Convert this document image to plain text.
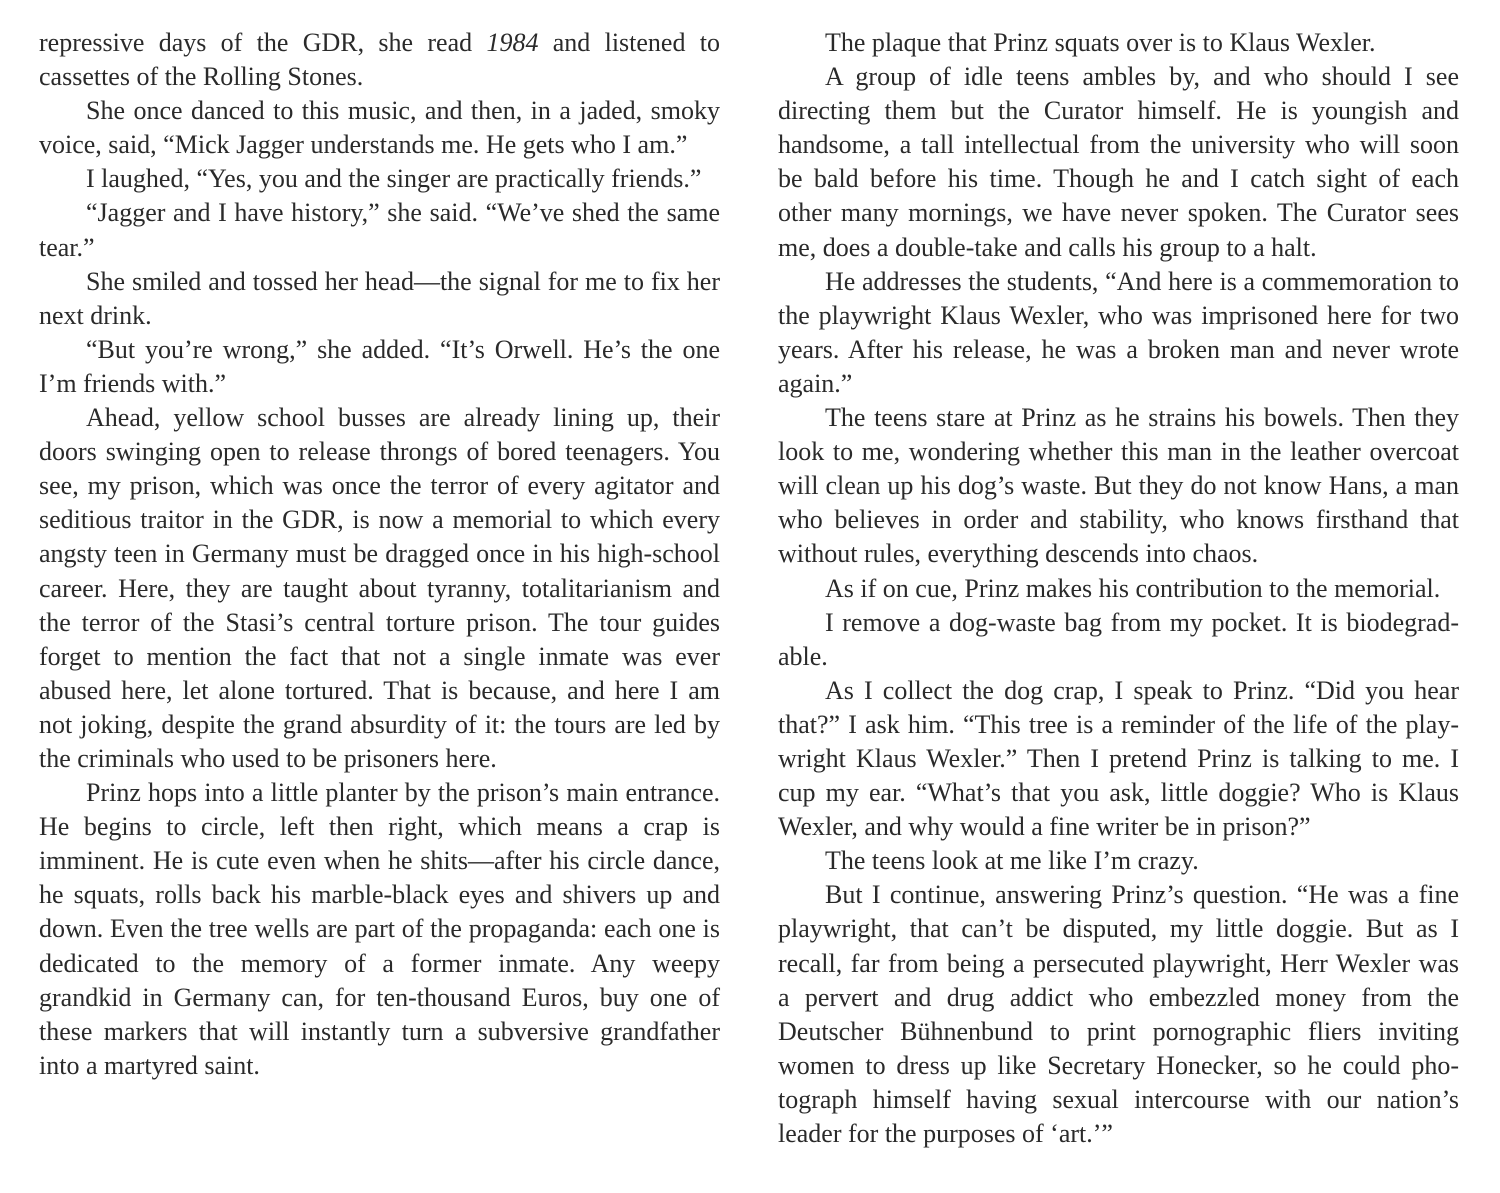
repressive days of the GDR, she read 1984 and listened to cassettes of the Rolling Stones.

She once danced to this music, and then, in a jaded, smoky voice, said, “Mick Jagger understands me. He gets who I am.”

I laughed, “Yes, you and the singer are practically friends.”

“Jagger and I have history,” she said. “We’ve shed the same tear.”

She smiled and tossed her head—the signal for me to fix her next drink.

“But you’re wrong,” she added. “It’s Orwell. He’s the one I’m friends with.”

Ahead, yellow school busses are already lining up, their doors swinging open to release throngs of bored teenagers. You see, my prison, which was once the terror of every agitator and seditious traitor in the GDR, is now a memorial to which every angsty teen in Germany must be dragged once in his high-school career. Here, they are taught about tyranny, totalitarianism and the terror of the Stasi’s central torture prison. The tour guides forget to mention the fact that not a single inmate was ever abused here, let alone tortured. That is because, and here I am not joking, despite the grand absurdity of it: the tours are led by the criminals who used to be prisoners here.

Prinz hops into a little planter by the prison’s main entrance. He begins to circle, left then right, which means a crap is imminent. He is cute even when he shits—after his circle dance, he squats, rolls back his marble-black eyes and shivers up and down. Even the tree wells are part of the propaganda: each one is dedicated to the memory of a former inmate. Any weepy grandkid in Germany can, for ten-thousand Euros, buy one of these markers that will instantly turn a subversive grandfather into a martyred saint.

The plaque that Prinz squats over is to Klaus Wexler.

A group of idle teens ambles by, and who should I see directing them but the Curator himself. He is youngish and handsome, a tall intellectual from the university who will soon be bald before his time. Though he and I catch sight of each other many mornings, we have never spoken. The Curator sees me, does a double-take and calls his group to a halt.

He addresses the students, “And here is a commemoration to the playwright Klaus Wexler, who was imprisoned here for two years. After his release, he was a broken man and never wrote again.”

The teens stare at Prinz as he strains his bowels. Then they look to me, wondering whether this man in the leather overcoat will clean up his dog’s waste. But they do not know Hans, a man who believes in order and stability, who knows firsthand that without rules, everything descends into chaos.

As if on cue, Prinz makes his contribution to the memorial.

I remove a dog-waste bag from my pocket. It is biodegradable.

As I collect the dog crap, I speak to Prinz. “Did you hear that?” I ask him. “This tree is a reminder of the life of the playwright Klaus Wexler.” Then I pretend Prinz is talking to me. I cup my ear. “What’s that you ask, little doggie? Who is Klaus Wexler, and why would a fine writer be in prison?”

The teens look at me like I’m crazy.

But I continue, answering Prinz’s question. “He was a fine playwright, that can’t be disputed, my little doggie. But as I recall, far from being a persecuted playwright, Herr Wexler was a pervert and drug addict who embezzled money from the Deutscher Bühnenbund to print pornographic fliers inviting women to dress up like Secretary Honecker, so he could photograph himself having sexual intercourse with our nation’s leader for the purposes of ‘art.’”
